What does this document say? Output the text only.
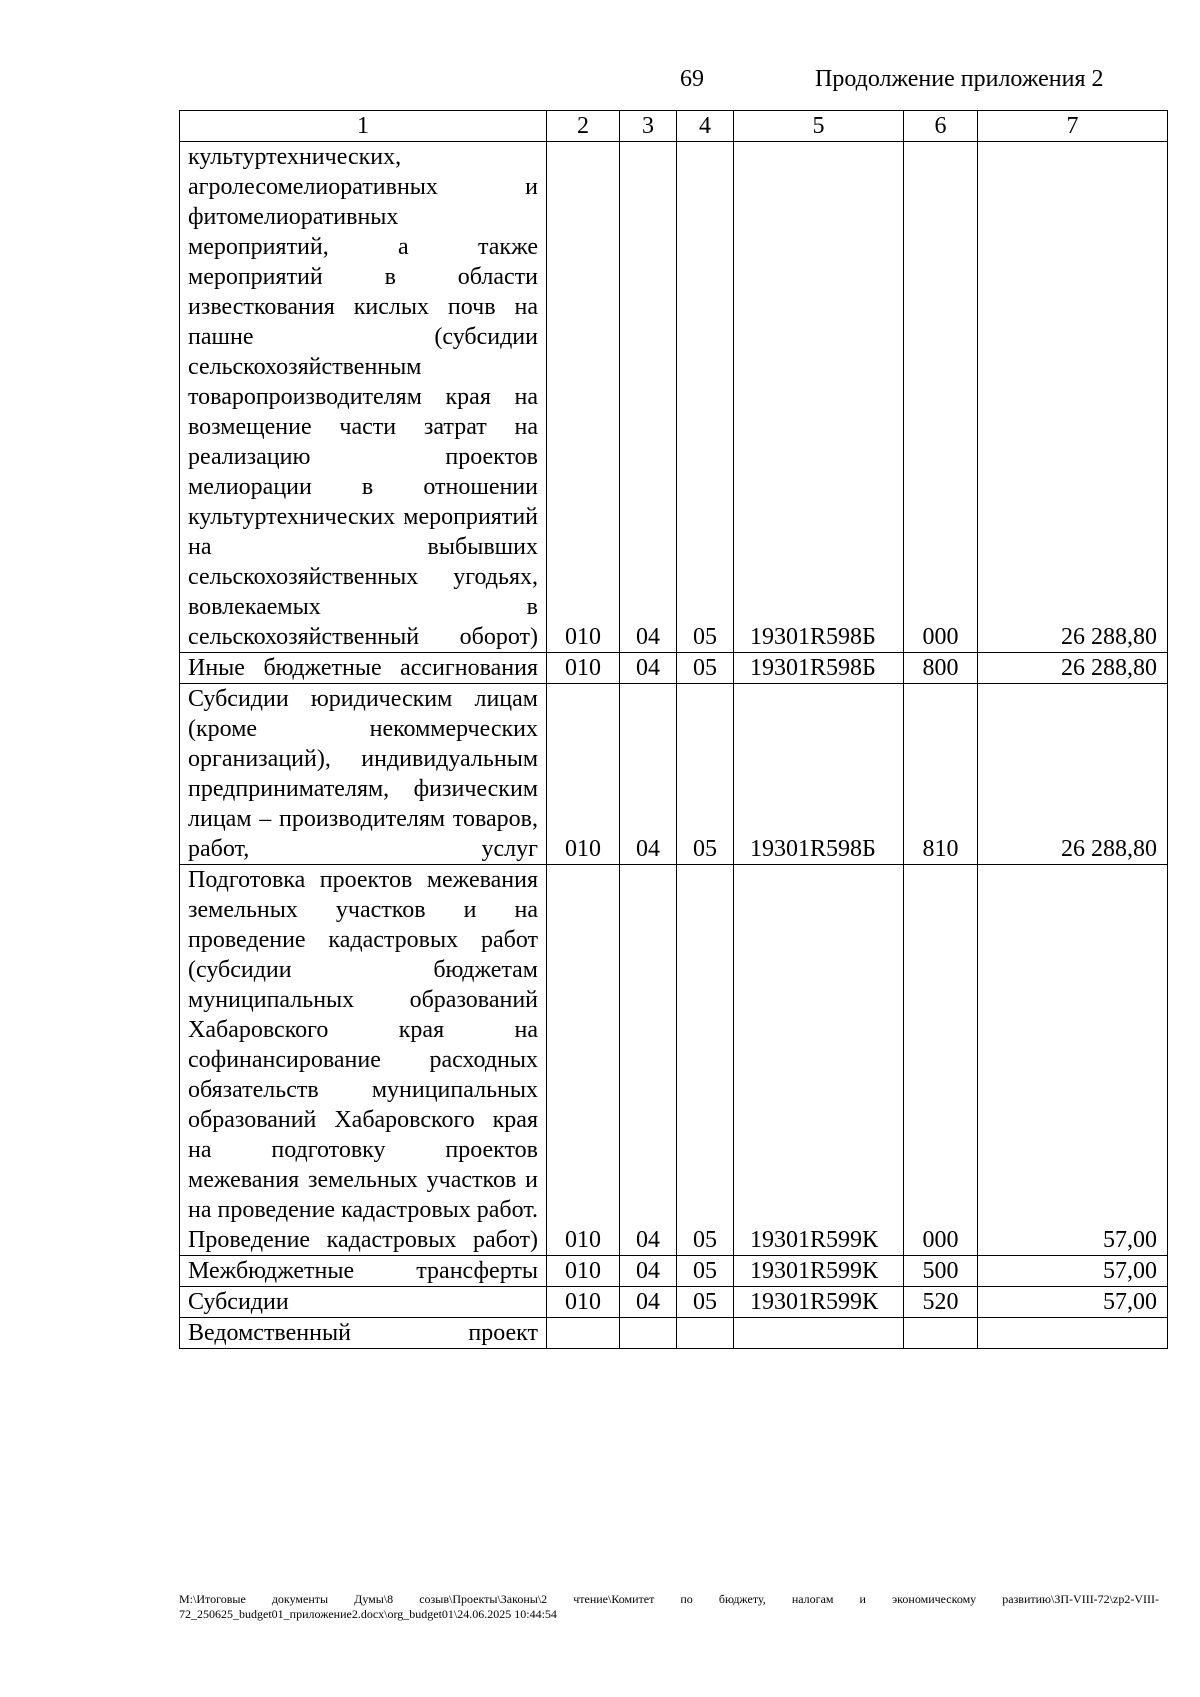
69	Продолжение приложения 2
1	2	3	4	5	6	7

культуртехнических, агролесомелиоративных и фитомелиоративных мероприятий, а также мероприятий в области известкования кислых почв на пашне (субсидии сельскохозяйственным товаропроизводителям края на возмещение части затрат на реализацию проектов мелиорации в отношении культуртехнических мероприятий на выбывших сельскохозяйственных угодьях, вовлекаемых в сельскохозяйственный оборот)	010	04	05	19301R598Б	000	26 288,80

Иные бюджетные ассигнования	010	04	05	19301R598Б	800	26 288,80

Субсидии юридическим лицам (кроме некоммерческих организаций), индивидуальным предпринимателям, физическим лицам – производителям товаров, работ, услуг	010	04	05	19301R598Б	810	26 288,80

Подготовка проектов межевания земельных участков и на проведение кадастровых работ (субсидии бюджетам муниципальных образований Хабаровского края на софинансирование расходных обязательств муниципальных образований Хабаровского края на подготовку проектов межевания земельных участков и на проведение кадастровых работ. Проведение кадастровых работ)	010	04	05	19301R599К	000	57,00

Межбюджетные трансферты	010	04	05	19301R599К	500	57,00

Субсидии	010	04	05	19301R599К	520	57,00

Ведомственный проект						

M:\Итоговые документы Думы\8 созыв\Проекты\Законы\2 чтение\Комитет по бюджету, налогам и экономическому развитию\ЗП-VIII-72\zp2-VIII-72_250625_budget01_приложение2.docx\org_budget01\24.06.2025 10:44:54
